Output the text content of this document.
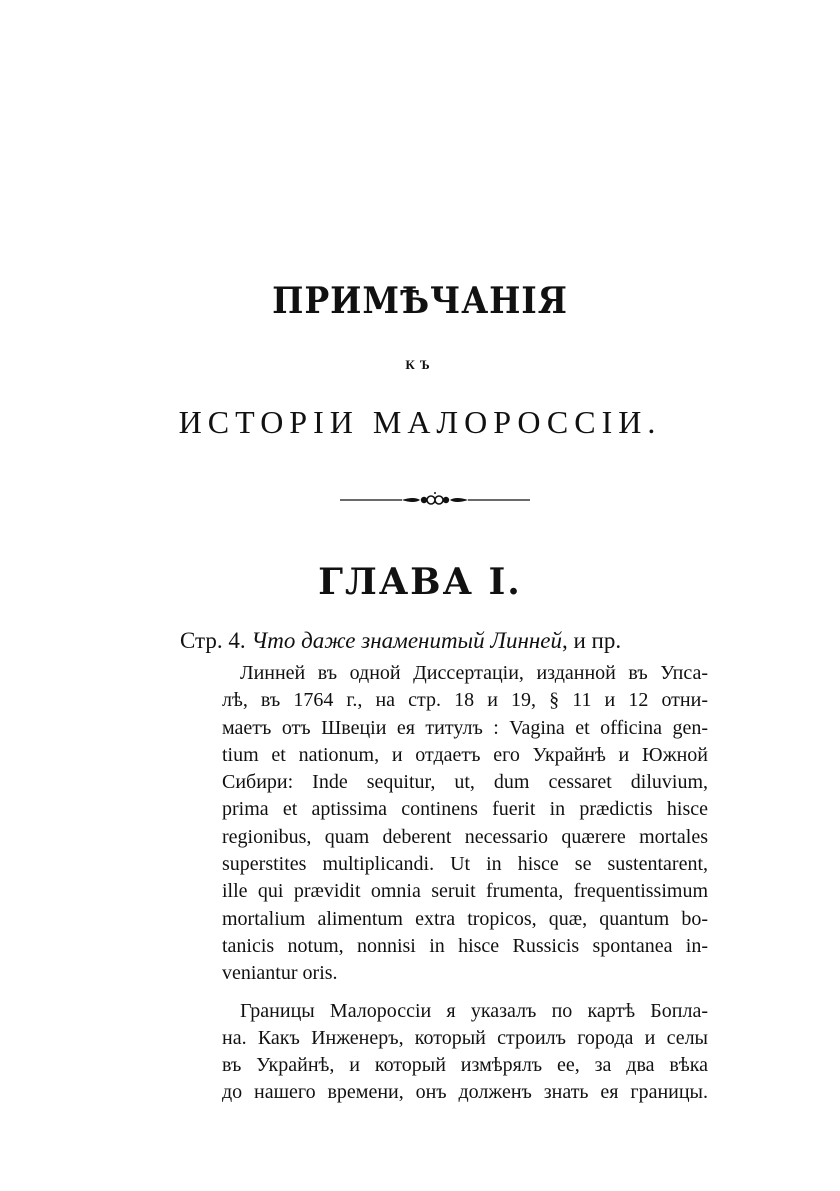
ПРИМѢЧАНІЯ
КЪ
ИСТОРІИ МАЛОРОССІИ.
ГЛАВА I.
Стр. 4. Что даже знаменитый Линней, и пр.
Линней въ одной Диссертаціи, изданной въ Упса-
лѣ, въ 1764 г., на стр. 18 и 19, § 11 и 12 отни-
маетъ отъ Швеціи ея титулъ : Vagina et officina gen-
tium et nationum, и отдаетъ его Украйнѣ и Южной
Сибири: Inde sequitur, ut, dum cessaret diluvium,
prima et aptissima continens fuerit in prædictis hisce
regionibus, quam deberent necessario quærere mortales
superstites multiplicandi. Ut in hisce se sustentarent,
ille qui prævidit omnia seruit frumenta, frequentissimum
mortalium alimentum extra tropicos, quæ, quantum bo-
tanicis notum, nonnisi in hisce Russicis spontanea in-
veniantur oris.
Границы Малороссіи я указалъ по картѣ Бопла-
на. Какъ Инженеръ, который строилъ города и селы
въ Украйнѣ, и который измѣрялъ ее, за два вѣка
до нашего времени, онъ долженъ знать ея границы.
